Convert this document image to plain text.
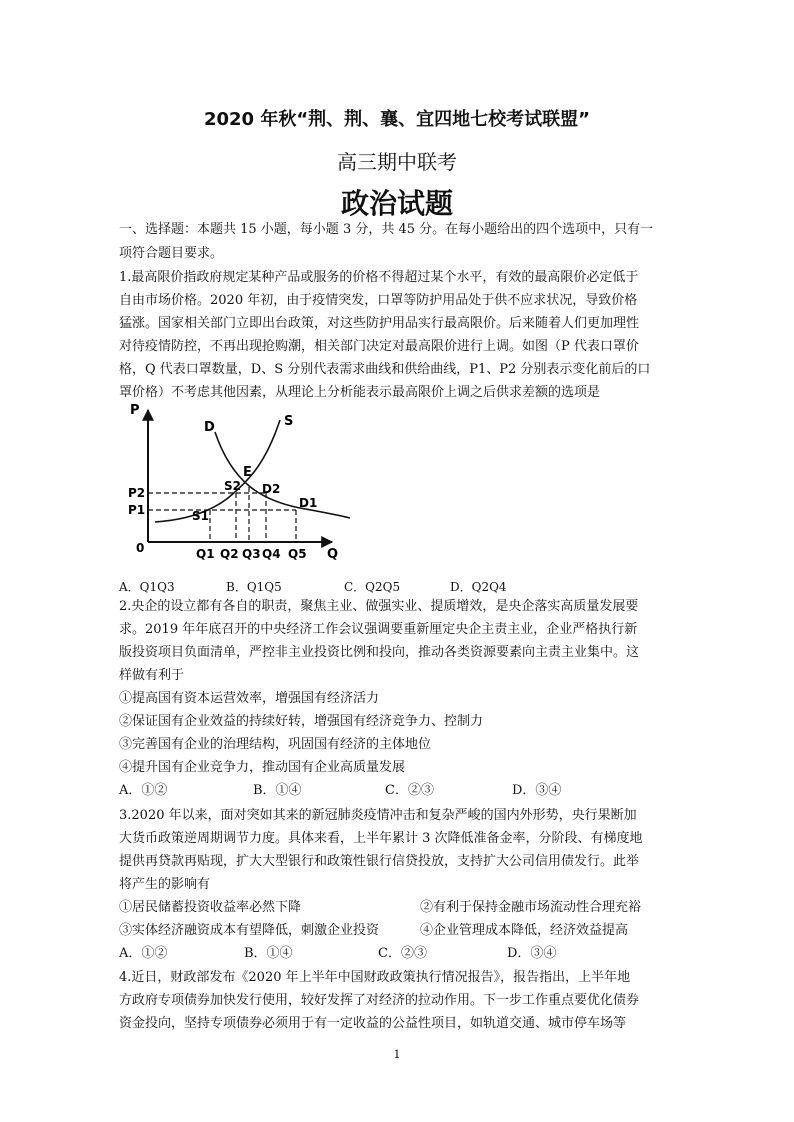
2020 年秋“荆、荆、襄、宜四地七校考试联盟”
高三期中联考
政治试题
一、选择题：本题共 15 小题，每小题 3 分，共 45 分。在每小题给出的四个选项中，只有一
项符合题目要求。
1.最高限价指政府规定某种产品或服务的价格不得超过某个水平，有效的最高限价必定低于
自由市场价格。2020 年初，由于疫情突发，口罩等防护用品处于供不应求状况，导致价格
猛涨。国家相关部门立即出台政策，对这些防护用品实行最高限价。后来随着人们更加理性
对待疫情防控，不再出现抢购潮，相关部门决定对最高限价进行上调。如图（P 代表口罩价
格，Q 代表口罩数量，D、S 分别代表需求曲线和供给曲线，P1、P2 分别表示变化前后的口
罩价格）不考虑其他因素，从理论上分析能表示最高限价上调之后供求差额的选项是
P
Q
0
D	S
E
P2
P1
S2 D2
S1
D1
Q1 Q2 Q3 Q4 Q5
A．Q1Q3	B．Q1Q5	C．Q2Q5	D．Q2Q4
2.央企的设立都有各自的职责，聚焦主业、做强实业、提质增效，是央企落实高质量发展要
求。2019 年年底召开的中央经济工作会议强调要重新厘定央企主责主业，企业严格执行新
版投资项目负面清单，严控非主业投资比例和投向，推动各类资源要素向主责主业集中。这
样做有利于
①提高国有资本运营效率，增强国有经济活力
②保证国有企业效益的持续好转，增强国有经济竞争力、控制力
③完善国有企业的治理结构，巩固国有经济的主体地位
④提升国有企业竞争力，推动国有企业高质量发展
A．①②	B．①④	C．②③	D．③④
3.2020 年以来，面对突如其来的新冠肺炎疫情冲击和复杂严峻的国内外形势，央行果断加
大货币政策逆周期调节力度。具体来看，上半年累计 3 次降低准备金率，分阶段、有梯度地
提供再贷款再贴现，扩大大型银行和政策性银行信贷投放，支持扩大公司信用债发行。此举
将产生的影响有
①居民储蓄投资收益率必然下降	②有利于保持金融市场流动性合理充裕
③实体经济融资成本有望降低，刺激企业投资	④企业管理成本降低，经济效益提高
A．①②	B．①④	C．②③	D．③④
4.近日，财政部发布《2020 年上半年中国财政政策执行情况报告》，报告指出，上半年地
方政府专项债券加快发行使用，较好发挥了对经济的拉动作用。下一步工作重点要优化债券
资金投向，坚持专项债券必须用于有一定收益的公益性项目，如轨道交通、城市停车场等
1
